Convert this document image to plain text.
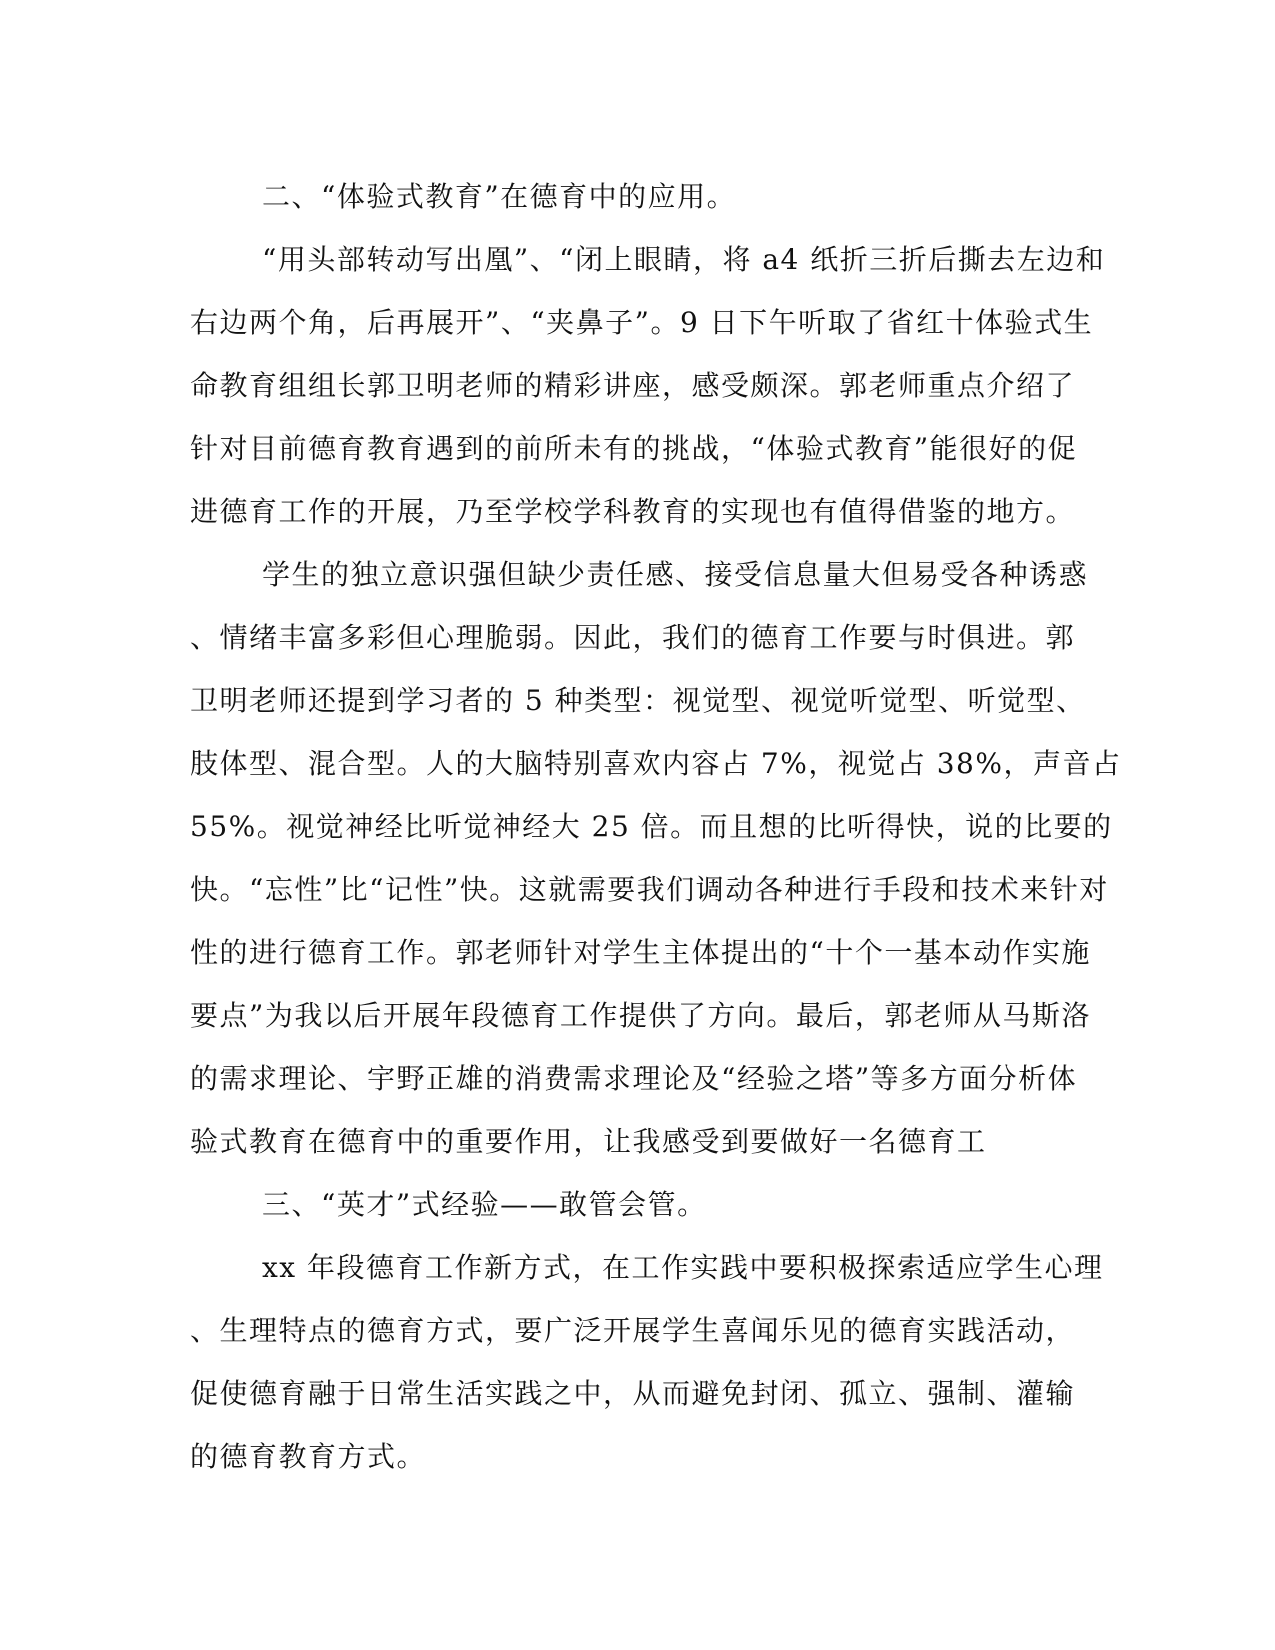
二、“体验式教育”在德育中的应用。
“用头部转动写出凰”、“闭上眼睛，将 a4 纸折三折后撕去左边和
右边两个角，后再展开”、“夹鼻子”。9 日下午听取了省红十体验式生
命教育组组长郭卫明老师的精彩讲座，感受颇深。郭老师重点介绍了
针对目前德育教育遇到的前所未有的挑战，“体验式教育”能很好的促
进德育工作的开展，乃至学校学科教育的实现也有值得借鉴的地方。
学生的独立意识强但缺少责任感、接受信息量大但易受各种诱惑
、情绪丰富多彩但心理脆弱。因此，我们的德育工作要与时俱进。郭
卫明老师还提到学习者的 5 种类型：视觉型、视觉听觉型、听觉型、
肢体型、混合型。人的大脑特别喜欢内容占 7%，视觉占 38%，声音占
55%。视觉神经比听觉神经大 25 倍。而且想的比听得快，说的比要的
快。“忘性”比“记性”快。这就需要我们调动各种进行手段和技术来针对
性的进行德育工作。郭老师针对学生主体提出的“十个一基本动作实施
要点”为我以后开展年段德育工作提供了方向。最后，郭老师从马斯洛
的需求理论、宇野正雄的消费需求理论及“经验之塔”等多方面分析体
验式教育在德育中的重要作用，让我感受到要做好一名德育工
三、“英才”式经验——敢管会管。
xx 年段德育工作新方式，在工作实践中要积极探索适应学生心理
、生理特点的德育方式，要广泛开展学生喜闻乐见的德育实践活动，
促使德育融于日常生活实践之中，从而避免封闭、孤立、强制、灌输
的德育教育方式。
